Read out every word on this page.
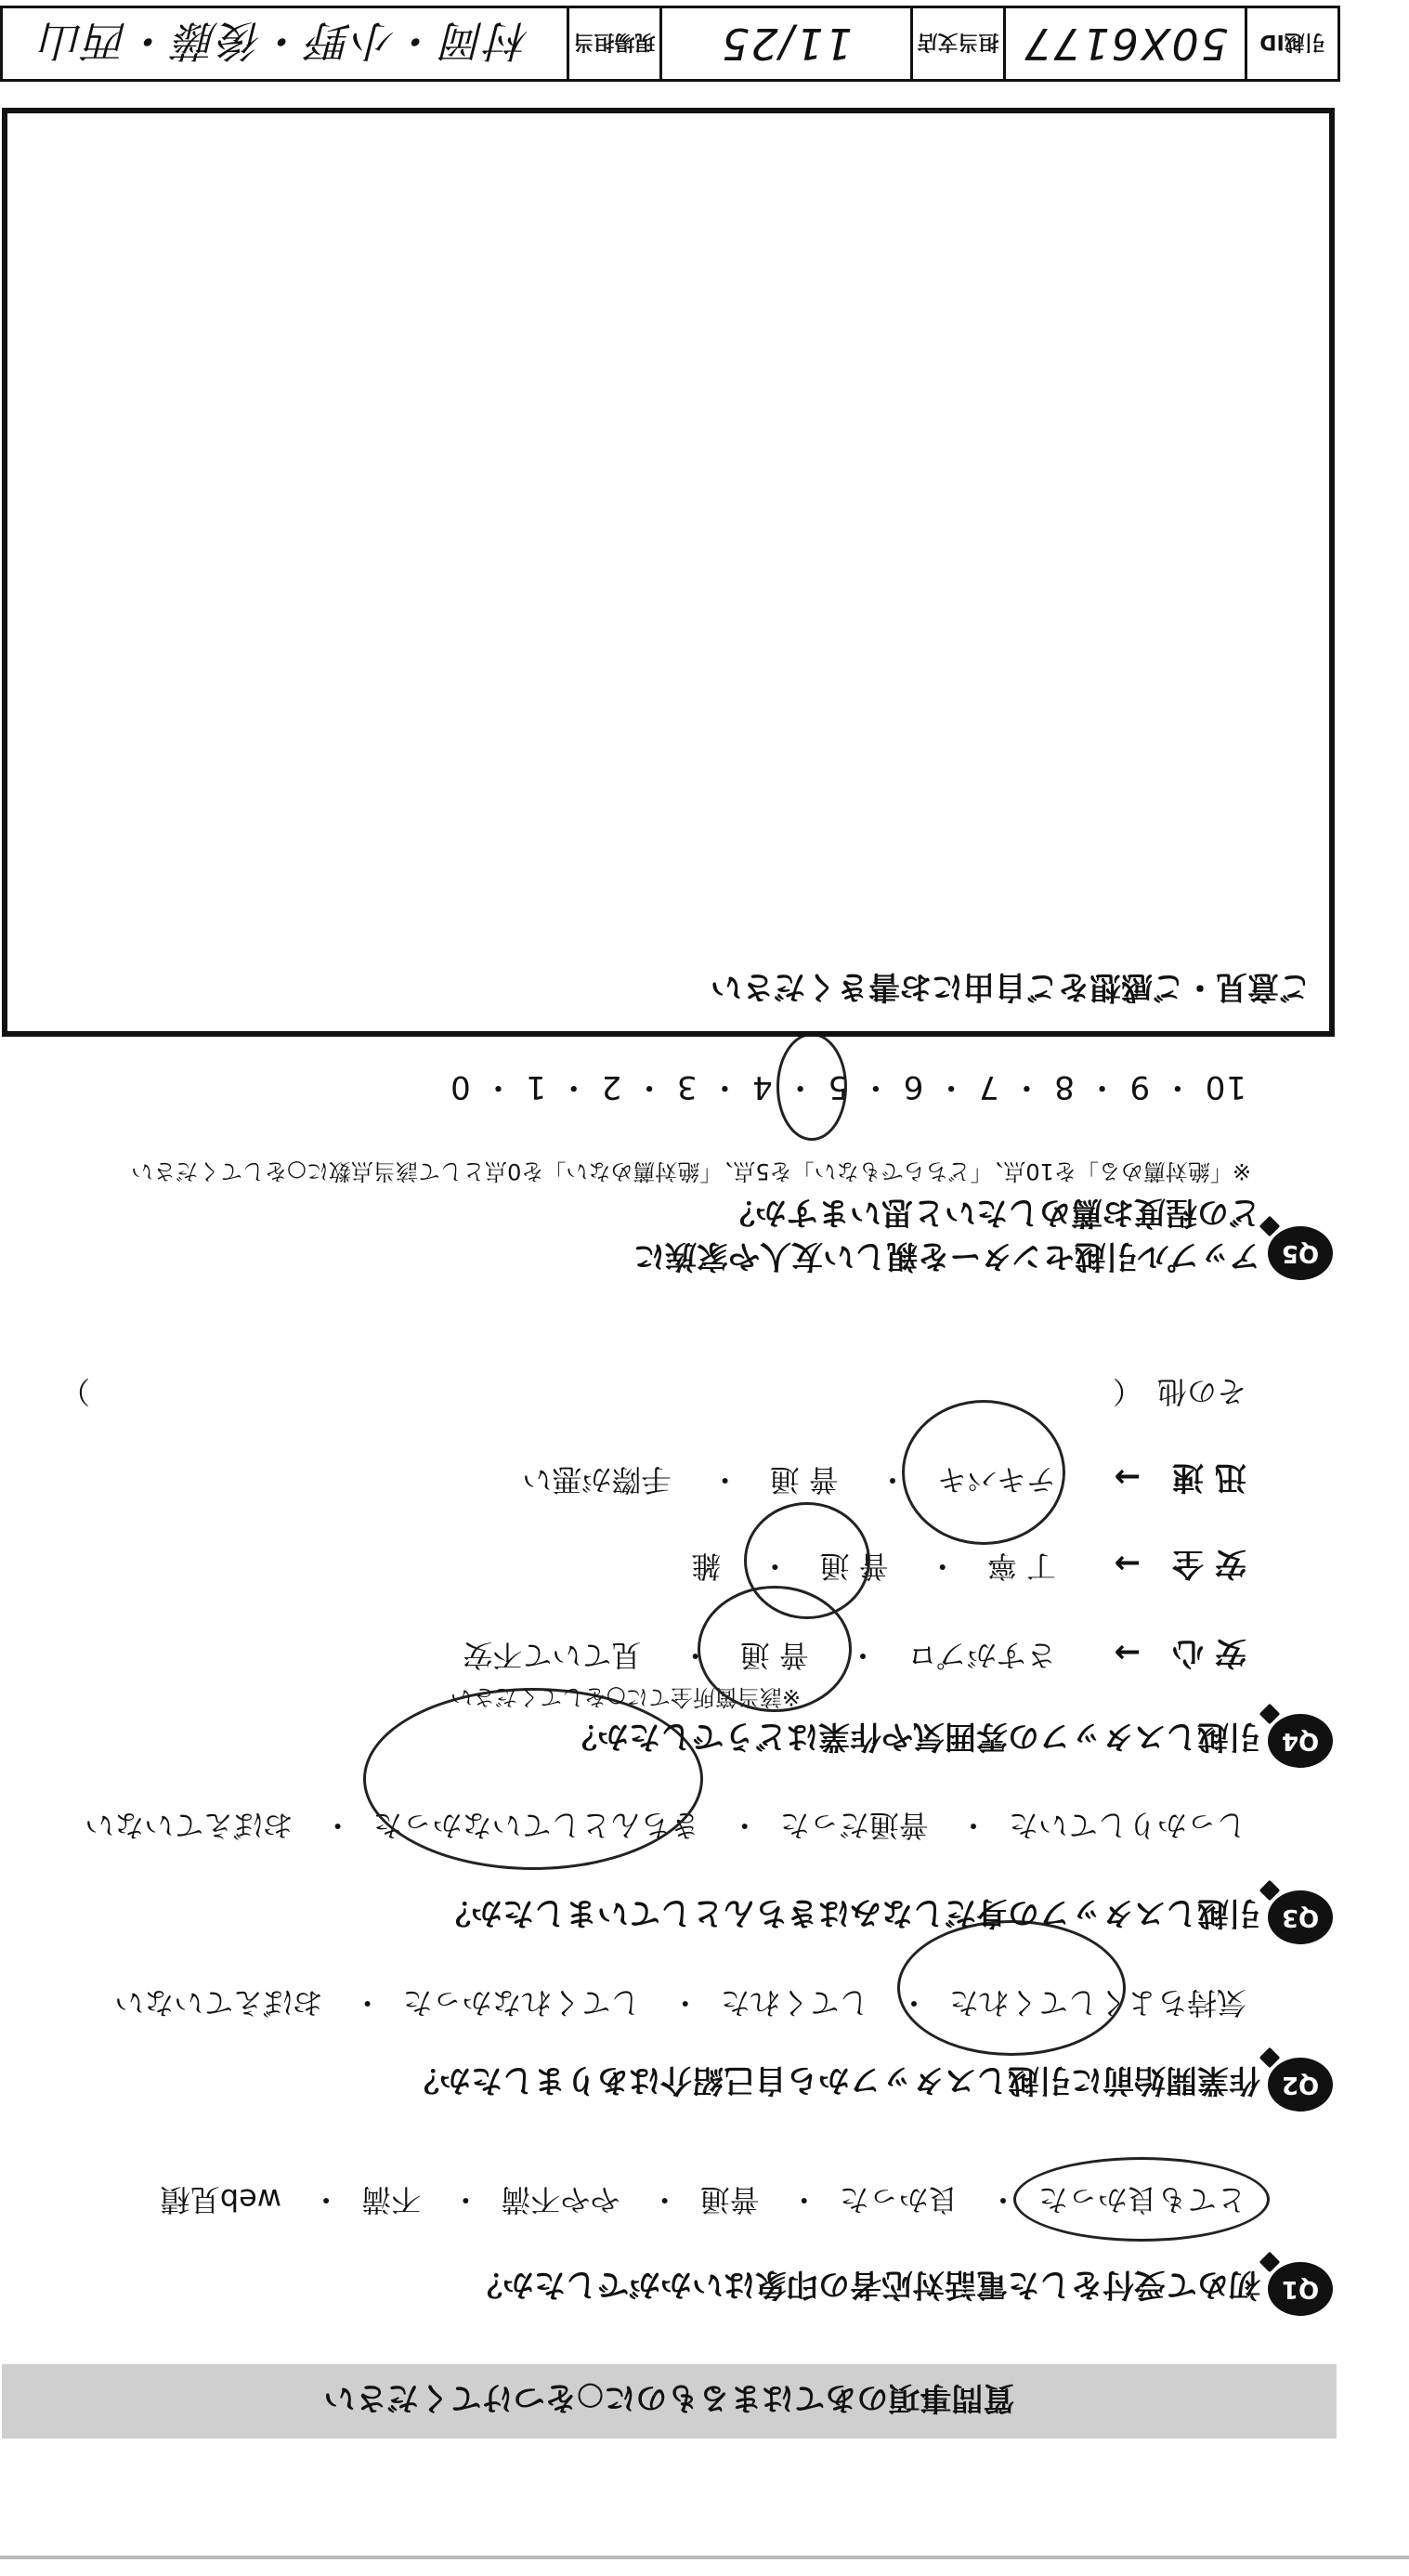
質問事項のあてはまるものに○をつけてください
Q1
初めて受付をした電話対応者の印象はいかがでしたか？
とても良かった・ 良かった・ 普通・ やや不満・ 不満・ web見積
Q2
作業開始前に引越しスタッフから自己紹介はありましたか？
気持ちよくしてくれた・ してくれた・ してくれなかった・ おぼえていない
Q3
引越しスタッフの身だしなみはきちんとしていましたか？
しっかりしていた・ 普通だった・ きちんとしていなかった・ おぼえていない
Q4
引越しスタッフの雰囲気や作業はどうでしたか？
※該当箇所全てに○をしてください
安 心　→
さすがプロ　・　 普 通　・　 見ていて不安
安 全　→
丁 寧　・　 普 通　・　 雑
迅 速　→
テキパキ　・　 普 通　・　 手際が悪い
その他　（
）
Q5
アップル引越センターを親しい友人や家族に
どの程度お薦めしたいと思いますか？
※「絶対薦める」を10点、「どちらでもない」を5点、「絶対薦めない」を0点として該当点数に○をしてください
10 ・ 9 ・ 8 ・ 7 ・ 6 ・ 5 ・ 4 ・ 3 ・ 2 ・ 1 ・ 0
ご意見・ご感想をご自由にお書きください
引越ID
50X6177
担当支店
11/25
現場担当
村岡・小野・後藤・西山
